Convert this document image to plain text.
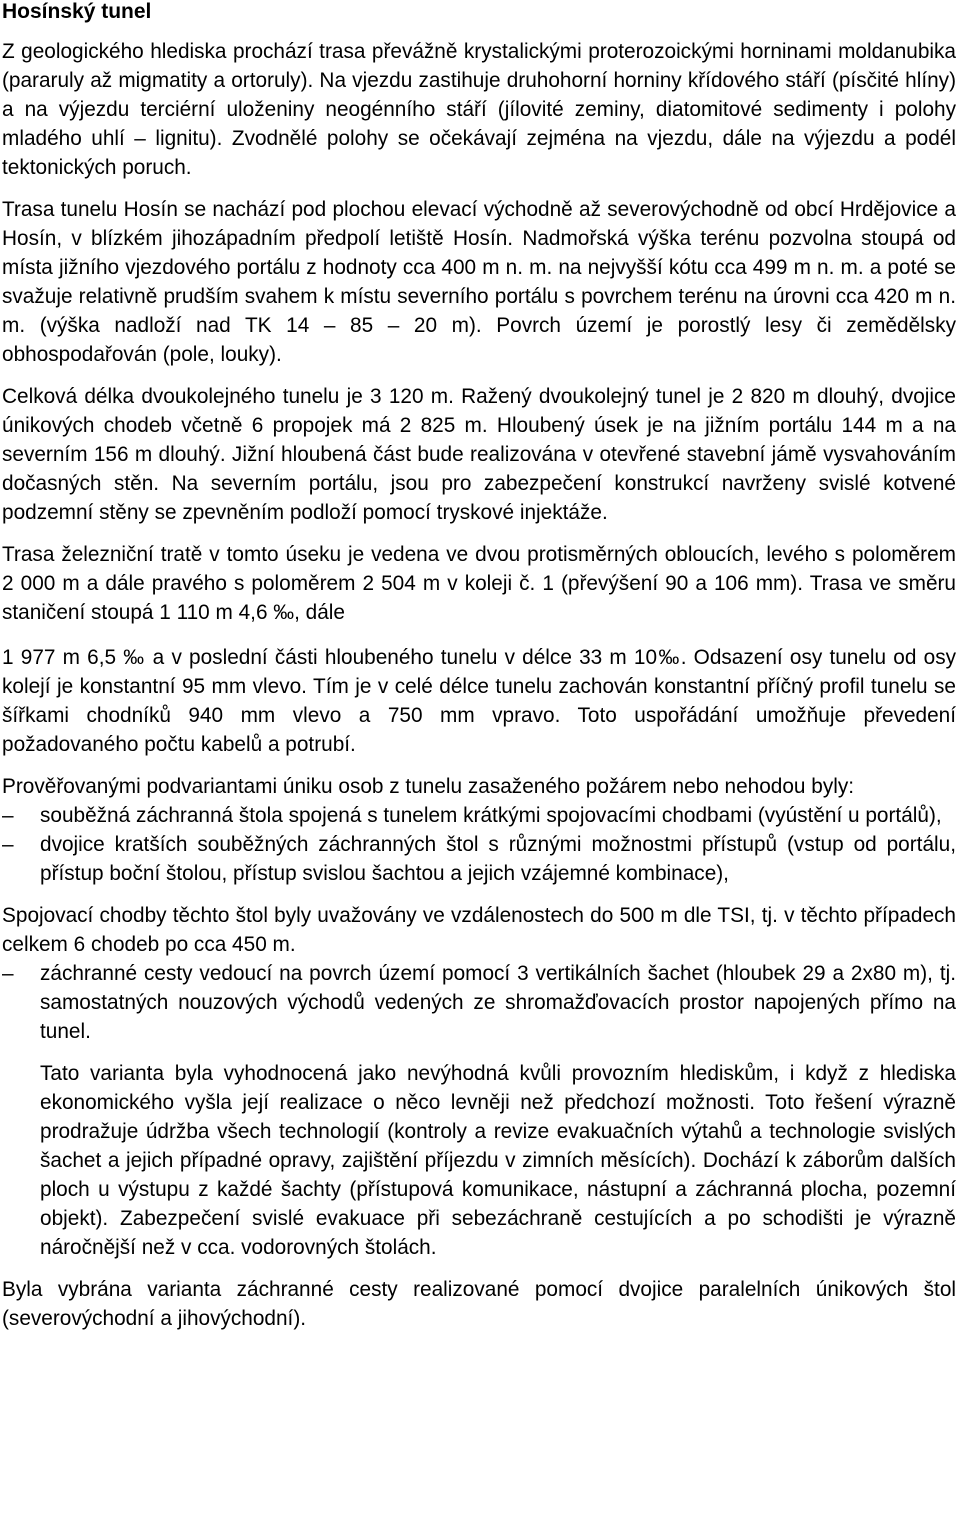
Hosínský tunel

Z geologického hlediska prochází trasa převážně krystalickými proterozoickými horninami moldanubika (pararuly až migmatity a ortoruly). Na vjezdu zastihuje druhohorní horniny křídového stáří (písčité hlíny) a na výjezdu terciérní uloženiny neogénního stáří (jílovité zeminy, diatomitové sedimenty i polohy mladého uhlí – lignitu). Zvodnělé polohy se očekávají zejména na vjezdu, dále na výjezdu a podél tektonických poruch.

Trasa tunelu Hosín se nachází pod plochou elevací východně až severovýchodně od obcí Hrdějovice a Hosín, v blízkém jihozápadním předpolí letiště Hosín. Nadmořská výška terénu pozvolna stoupá od místa jižního vjezdového portálu z hodnoty cca 400 m n. m. na nejvyšší kótu cca 499 m n. m. a poté se svažuje relativně prudším svahem k místu severního portálu s povrchem terénu na úrovni cca 420 m n. m. (výška nadloží nad TK 14 – 85 – 20 m). Povrch území je porostlý lesy či zemědělsky obhospodařován (pole, louky).

Celková délka dvoukolejného tunelu je 3 120 m. Ražený dvoukolejný tunel je 2 820 m dlouhý, dvojice únikových chodeb včetně 6 propojek má 2 825 m. Hloubený úsek je na jižním portálu 144 m a na severním 156 m dlouhý. Jižní hloubená část bude realizována v otevřené stavební jámě vysvahováním dočasných stěn. Na severním portálu, jsou pro zabezpečení konstrukcí navrženy svislé kotvené podzemní stěny se zpevněním podloží pomocí tryskové injektáže.

Trasa železniční tratě v tomto úseku je vedena ve dvou protisměrných obloucích, levého s poloměrem 2 000 m a dále pravého s poloměrem 2 504 m v koleji č. 1 (převýšení 90 a 106 mm). Trasa ve směru staničení stoupá 1 110 m 4,6 ‰, dále

1 977 m 6,5 ‰ a v poslední části hloubeného tunelu v délce 33 m 10‰. Odsazení osy tunelu od osy kolejí je konstantní 95 mm vlevo. Tím je v celé délce tunelu zachován konstantní příčný profil tunelu se šířkami chodníků 940 mm vlevo a 750 mm vpravo. Toto uspořádání umožňuje převedení požadovaného počtu kabelů a potrubí.

Prověřovanými podvariantami úniku osob z tunelu zasaženého požárem nebo nehodou byly:

–	souběžná záchranná štola spojená s tunelem krátkými spojovacími chodbami (vyústění u portálů),
–	dvojice kratších souběžných záchranných štol s různými možnostmi přístupů (vstup od portálu, přístup boční štolou, přístup svislou šachtou a jejich vzájemné kombinace),

Spojovací chodby těchto štol byly uvažovány ve vzdálenostech do 500 m dle TSI, tj. v těchto případech celkem 6 chodeb po cca 450 m.

–	záchranné cesty vedoucí na povrch území pomocí 3 vertikálních šachet (hloubek 29 a 2x80 m), tj. samostatných nouzových východů vedených ze shromažďovacích prostor napojených přímo na tunel.

Tato varianta byla vyhodnocená jako nevýhodná kvůli provozním hlediskům, i když z hlediska ekonomického vyšla její realizace o něco levněji než předchozí možnosti. Toto řešení výrazně prodražuje údržba všech technologií (kontroly a revize evakuačních výtahů a technologie svislých šachet a jejich případné opravy, zajištění příjezdu v zimních měsících). Dochází k záborům dalších ploch u výstupu z každé šachty (přístupová komunikace, nástupní a záchranná plocha, pozemní objekt). Zabezpečení svislé evakuace při sebezáchraně cestujících a po schodišti je výrazně náročnější než v cca. vodorovných štolách.

Byla vybrána varianta záchranné cesty realizované pomocí dvojice paralelních únikových štol (severovýchodní a jihovýchodní).
